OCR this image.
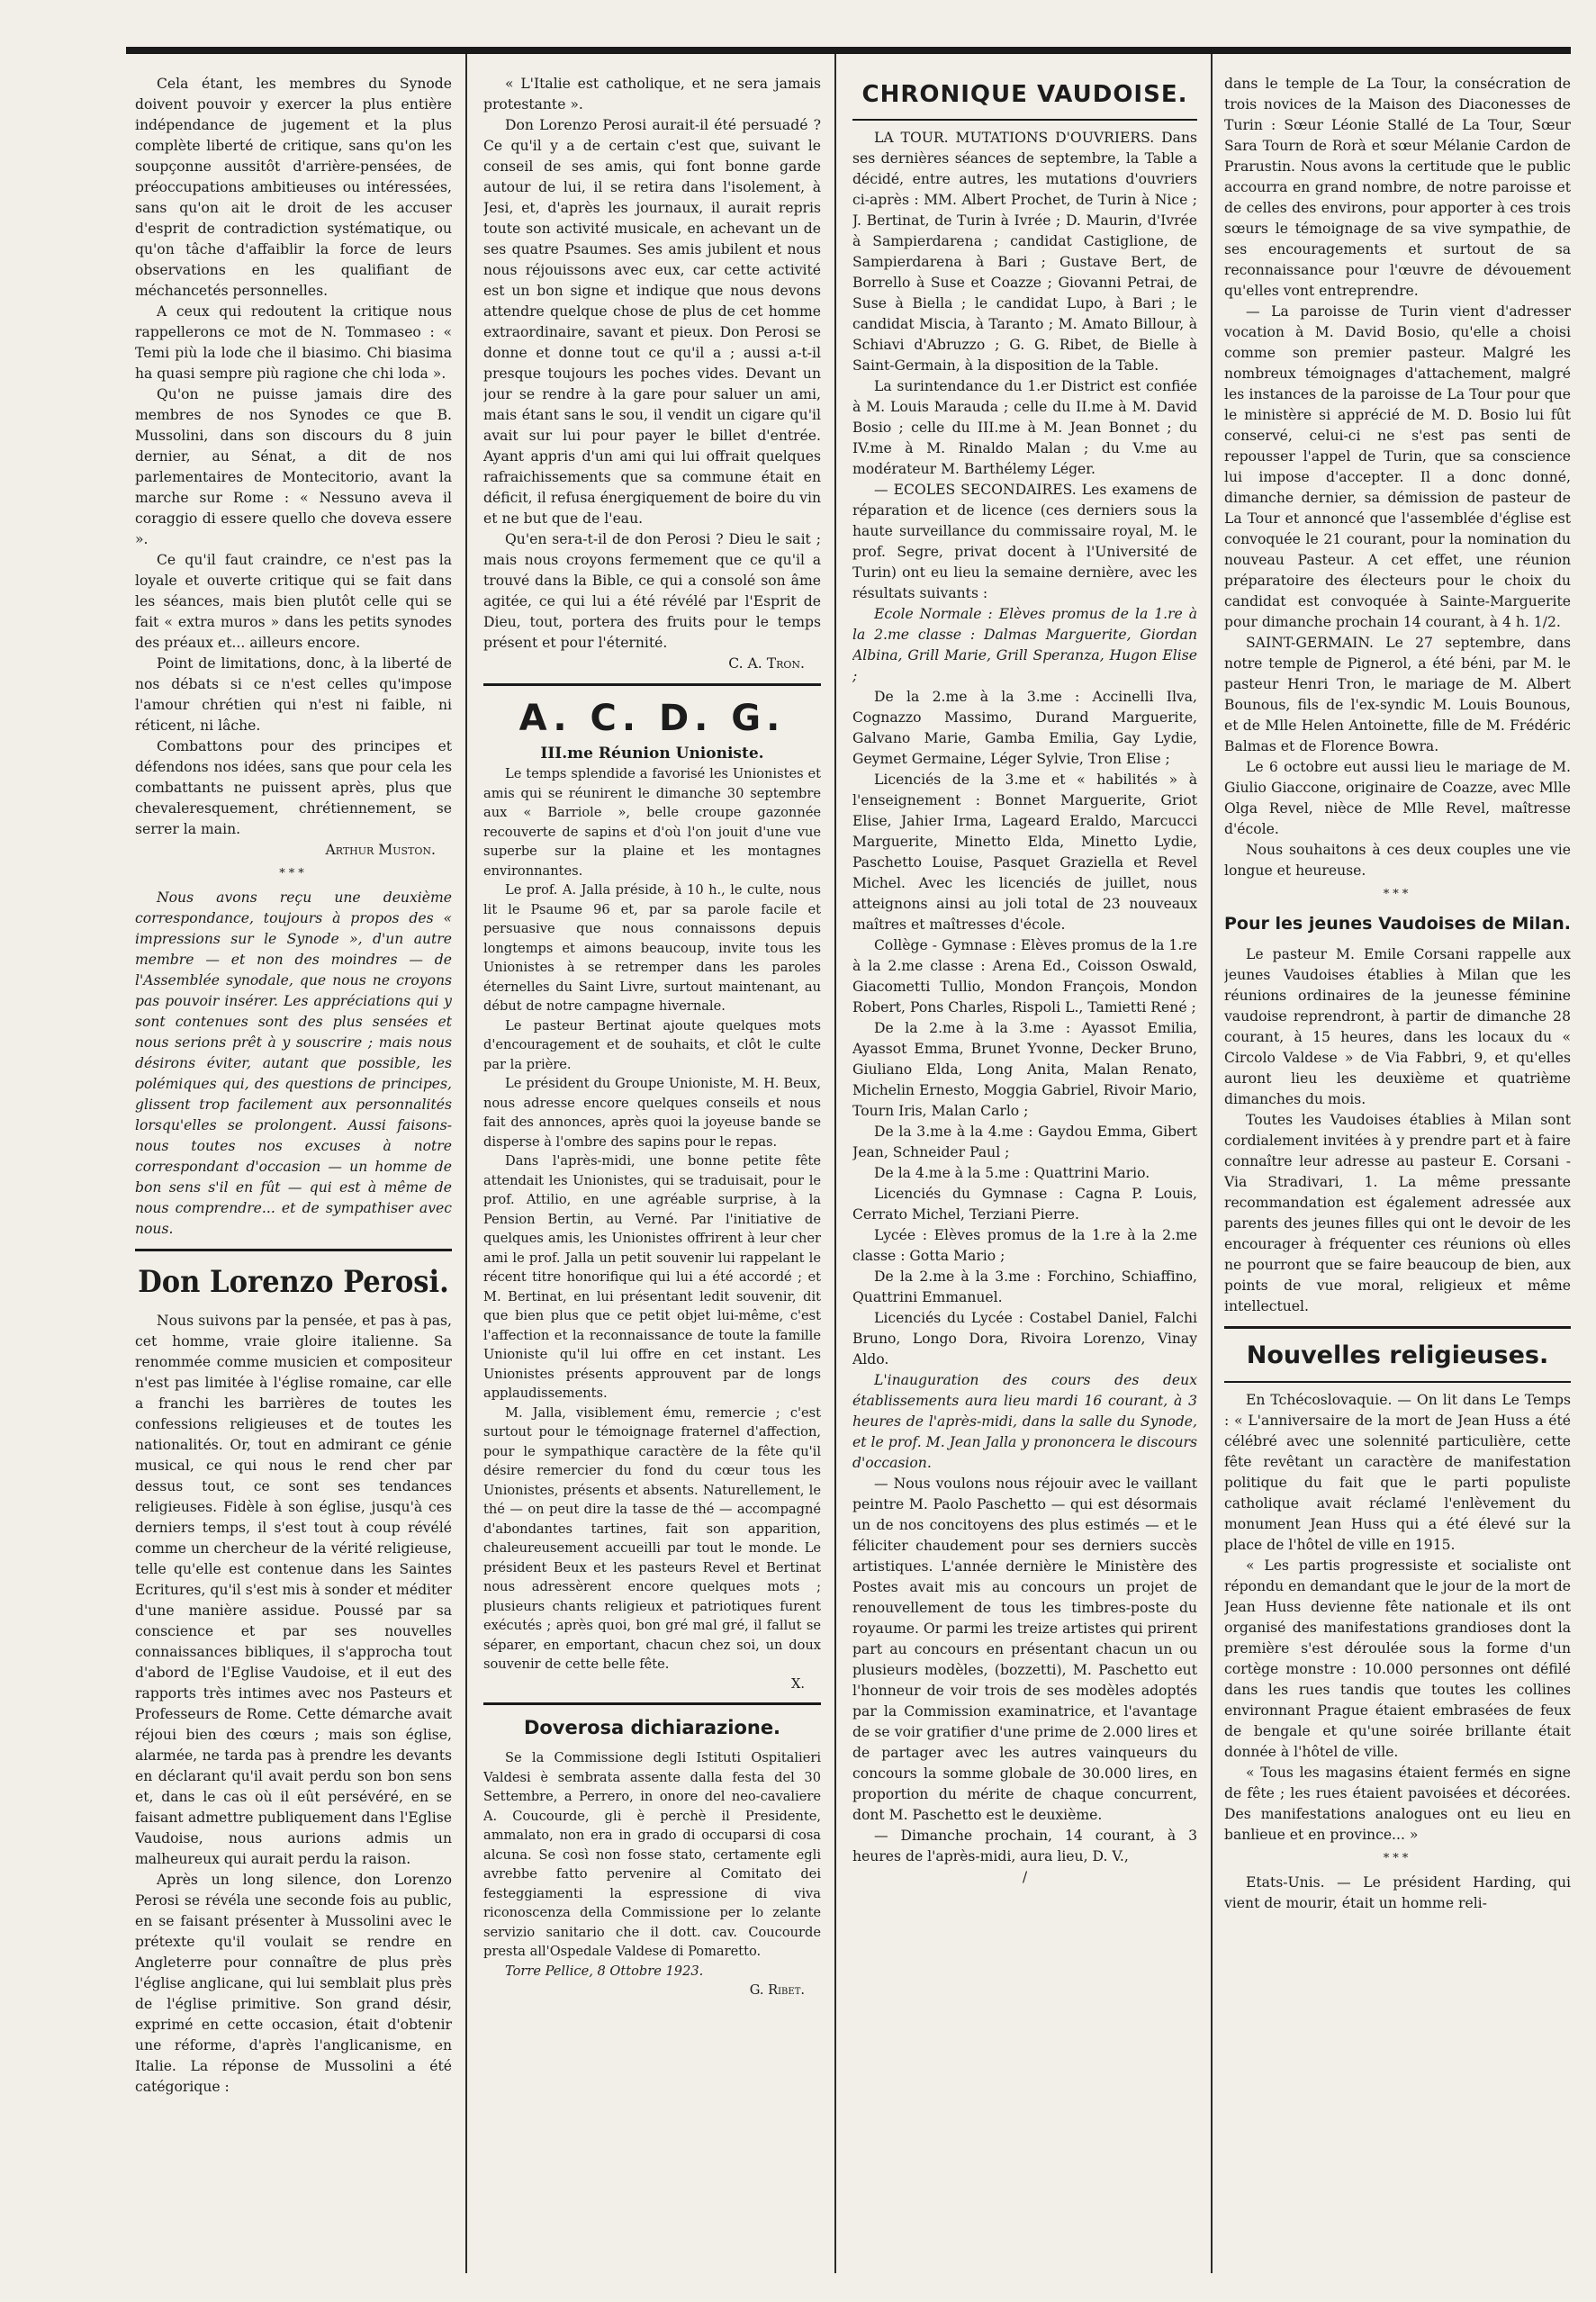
Cela étant, les membres du Synode doivent pouvoir y exercer la plus entière indépendance de jugement et la plus complète liberté de critique, sans qu'on les soupçonne aussitôt d'arrière-pensées, de préoccupations ambitieuses ou intéressées, sans qu'on ait le droit de les accuser d'esprit de contradiction systématique, ou qu'on tâche d'affaiblir la force de leurs observations en les qualifiant de méchancetés personnelles.

A ceux qui redoutent la critique nous rappellerons ce mot de N. Tommaseo : « Temi più la lode che il biasimo. Chi biasima ha quasi sempre più ragione che chi loda ».

Qu'on ne puisse jamais dire des membres de nos Synodes ce que B. Mussolini, dans son discours du 8 juin dernier, au Sénat, a dit de nos parlementaires de Montecitorio, avant la marche sur Rome : « Nessuno aveva il coraggio di essere quello che doveva essere ».

Ce qu'il faut craindre, ce n'est pas la loyale et ouverte critique qui se fait dans les séances, mais bien plutôt celle qui se fait « extra muros » dans les petits synodes des préaux et... ailleurs encore.

Point de limitations, donc, à la liberté de nos débats si ce n'est celles qu'impose l'amour chrétien qui n'est ni faible, ni réticent, ni lâche.

Combattons pour des principes et défendons nos idées, sans que pour cela les combattants ne puissent après, plus que chevaleresquement, chrétiennement, se serrer la main.

Arthur Muston.

***

Nous avons reçu une deuxième correspondance, toujours à propos des « impressions sur le Synode », d'un autre membre — et non des moindres — de l'Assemblée synodale, que nous ne croyons pas pouvoir insérer. Les appréciations qui y sont contenues sont des plus sensées et nous serions prêt à y souscrire ; mais nous désirons éviter, autant que possible, les polémiques qui, des questions de principes, glissent trop facilement aux personnalités lorsqu'elles se prolongent. Aussi faisons-nous toutes nos excuses à notre correspondant d'occasion — un homme de bon sens s'il en fût — qui est à même de nous comprendre... et de sympathiser avec nous.

Don Lorenzo Perosi.

Nous suivons par la pensée, et pas à pas, cet homme, vraie gloire italienne. Sa renommée comme musicien et compositeur n'est pas limitée à l'église romaine, car elle a franchi les barrières de toutes les confessions religieuses et de toutes les nationalités. Or, tout en admirant ce génie musical, ce qui nous le rend cher par dessus tout, ce sont ses tendances religieuses. Fidèle à son église, jusqu'à ces derniers temps, il s'est tout à coup révélé comme un chercheur de la vérité religieuse, telle qu'elle est contenue dans les Saintes Ecritures, qu'il s'est mis à sonder et méditer d'une manière assidue. Poussé par sa conscience et par ses nouvelles connaissances bibliques, il s'approcha tout d'abord de l'Eglise Vaudoise, et il eut des rapports très intimes avec nos Pasteurs et Professeurs de Rome. Cette démarche avait réjoui bien des cœurs ; mais son église, alarmée, ne tarda pas à prendre les devants en déclarant qu'il avait perdu son bon sens et, dans le cas où il eût persévéré, en se faisant admettre publiquement dans l'Eglise Vaudoise, nous aurions admis un malheureux qui aurait perdu la raison.

Après un long silence, don Lorenzo Perosi se révéla une seconde fois au public, en se faisant présenter à Mussolini avec le prétexte qu'il voulait se rendre en Angleterre pour connaître de plus près l'église anglicane, qui lui semblait plus près de l'église primitive. Son grand désir, exprimé en cette occasion, était d'obtenir une réforme, d'après l'anglicanisme, en Italie. La réponse de Mussolini a été catégorique :

« L'Italie est catholique, et ne sera jamais protestante ».

Don Lorenzo Perosi aurait-il été persuadé ? Ce qu'il y a de certain c'est que, suivant le conseil de ses amis, qui font bonne garde autour de lui, il se retira dans l'isolement, à Jesi, et, d'après les journaux, il aurait repris toute son activité musicale, en achevant un de ses quatre Psaumes. Ses amis jubilent et nous nous réjouissons avec eux, car cette activité est un bon signe et indique que nous devons attendre quelque chose de plus de cet homme extraordinaire, savant et pieux. Don Perosi se donne et donne tout ce qu'il a ; aussi a-t-il presque toujours les poches vides. Devant un jour se rendre à la gare pour saluer un ami, mais étant sans le sou, il vendit un cigare qu'il avait sur lui pour payer le billet d'entrée. Ayant appris d'un ami qui lui offrait quelques rafraichissements que sa commune était en déficit, il refusa énergiquement de boire du vin et ne but que de l'eau.

Qu'en sera-t-il de don Perosi ? Dieu le sait ; mais nous croyons fermement que ce qu'il a trouvé dans la Bible, ce qui a consolé son âme agitée, ce qui lui a été révélé par l'Esprit de Dieu, tout, portera des fruits pour le temps présent et pour l'éternité.

C. A. Tron.

A. C. D. G.

III.me Réunion Unioniste.

Le temps splendide a favorisé les Unionistes et amis qui se réunirent le dimanche 30 septembre aux « Barriole », belle croupe gazonnée recouverte de sapins et d'où l'on jouit d'une vue superbe sur la plaine et les montagnes environnantes.

Le prof. A. Jalla préside, à 10 h., le culte, nous lit le Psaume 96 et, par sa parole facile et persuasive que nous connaissons depuis longtemps et aimons beaucoup, invite tous les Unionistes à se retremper dans les paroles éternelles du Saint Livre, surtout maintenant, au début de notre campagne hivernale.

Le pasteur Bertinat ajoute quelques mots d'encouragement et de souhaits, et clôt le culte par la prière.

Le président du Groupe Unioniste, M. H. Beux, nous adresse encore quelques conseils et nous fait des annonces, après quoi la joyeuse bande se disperse à l'ombre des sapins pour le repas.

Dans l'après-midi, une bonne petite fête attendait les Unionistes, qui se traduisait, pour le prof. Attilio, en une agréable surprise, à la Pension Bertin, au Verné. Par l'initiative de quelques amis, les Unionistes offrirent à leur cher ami le prof. Jalla un petit souvenir lui rappelant le récent titre honorifique qui lui a été accordé ; et M. Bertinat, en lui présentant ledit souvenir, dit que bien plus que ce petit objet lui-même, c'est l'affection et la reconnaissance de toute la famille Unioniste qu'il lui offre en cet instant. Les Unionistes présents approuvent par de longs applaudissements.

M. Jalla, visiblement ému, remercie ; c'est surtout pour le témoignage fraternel d'affection, pour le sympathique caractère de la fête qu'il désire remercier du fond du cœur tous les Unionistes, présents et absents. Naturellement, le thé — on peut dire la tasse de thé — accompagné d'abondantes tartines, fait son apparition, chaleureusement accueilli par tout le monde. Le président Beux et les pasteurs Revel et Bertinat nous adressèrent encore quelques mots ; plusieurs chants religieux et patriotiques furent exécutés ; après quoi, bon gré mal gré, il fallut se séparer, en emportant, chacun chez soi, un doux souvenir de cette belle fête.

X.

Doverosa dichiarazione.

Se la Commissione degli Istituti Ospitalieri Valdesi è sembrata assente dalla festa del 30 Settembre, a Perrero, in onore del neo-cavaliere A. Coucourde, gli è perchè il Presidente, ammalato, non era in grado di occuparsi di cosa alcuna. Se così non fosse stato, certamente egli avrebbe fatto pervenire al Comitato dei festeggiamenti la espressione di viva riconoscenza della Commissione per lo zelante servizio sanitario che il dott. cav. Coucourde presta all'Ospedale Valdese di Pomaretto.

Torre Pellice, 8 Ottobre 1923.

G. Ribet.

CHRONIQUE VAUDOISE.

LA TOUR. MUTATIONS D'OUVRIERS. Dans ses dernières séances de septembre, la Table a décidé, entre autres, les mutations d'ouvriers ci-après : MM. Albert Prochet, de Turin à Nice ; J. Bertinat, de Turin à Ivrée ; D. Maurin, d'Ivrée à Sampierdarena ; candidat Castiglione, de Sampierdarena à Bari ; Gustave Bert, de Borrello à Suse et Coazze ; Giovanni Petrai, de Suse à Biella ; le candidat Lupo, à Bari ; le candidat Miscia, à Taranto ; M. Amato Billour, à Schiavi d'Abruzzo ; G. G. Ribet, de Bielle à Saint-Germain, à la disposition de la Table.

La surintendance du 1.er District est confiée à M. Louis Marauda ; celle du II.me à M. David Bosio ; celle du III.me à M. Jean Bonnet ; du IV.me à M. Rinaldo Malan ; du V.me au modérateur M. Barthélemy Léger.

— ECOLES SECONDAIRES. Les examens de réparation et de licence (ces derniers sous la haute surveillance du commissaire royal, M. le prof. Segre, privat docent à l'Université de Turin) ont eu lieu la semaine dernière, avec les résultats suivants :

Ecole Normale : Elèves promus de la 1.re à la 2.me classe : Dalmas Marguerite, Giordan Albina, Grill Marie, Grill Speranza, Hugon Elise ;

De la 2.me à la 3.me : Accinelli Ilva, Cognazzo Massimo, Durand Marguerite, Galvano Marie, Gamba Emilia, Gay Lydie, Geymet Germaine, Léger Sylvie, Tron Elise ;

Licenciés de la 3.me et « habilités » à l'enseignement : Bonnet Marguerite, Griot Elise, Jahier Irma, Lageard Eraldo, Marcucci Marguerite, Minetto Elda, Minetto Lydie, Paschetto Louise, Pasquet Graziella et Revel Michel. Avec les licenciés de juillet, nous atteignons ainsi au joli total de 23 nouveaux maîtres et maîtresses d'école.

Collège - Gymnase : Elèves promus de la 1.re à la 2.me classe : Arena Ed., Coisson Oswald, Giacometti Tullio, Mondon François, Mondon Robert, Pons Charles, Rispoli L., Tamietti René ;

De la 2.me à la 3.me : Ayassot Emilia, Ayassot Emma, Brunet Yvonne, Decker Bruno, Giuliano Elda, Long Anita, Malan Renato, Michelin Ernesto, Moggia Gabriel, Rivoir Mario, Tourn Iris, Malan Carlo ;

De la 3.me à la 4.me : Gaydou Emma, Gibert Jean, Schneider Paul ;

De la 4.me à la 5.me : Quattrini Mario.

Licenciés du Gymnase : Cagna P. Louis, Cerrato Michel, Terziani Pierre.

Lycée : Elèves promus de la 1.re à la 2.me classe : Gotta Mario ;

De la 2.me à la 3.me : Forchino, Schiaffino, Quattrini Emmanuel.

Licenciés du Lycée : Costabel Daniel, Falchi Bruno, Longo Dora, Rivoira Lorenzo, Vinay Aldo.

L'inauguration des cours des deux établissements aura lieu mardi 16 courant, à 3 heures de l'après-midi, dans la salle du Synode, et le prof. M. Jean Jalla y prononcera le discours d'occasion.

— Nous voulons nous réjouir avec le vaillant peintre M. Paolo Paschetto — qui est désormais un de nos concitoyens des plus estimés — et le féliciter chaudement pour ses derniers succès artistiques. L'année dernière le Ministère des Postes avait mis au concours un projet de renouvellement de tous les timbres-poste du royaume. Or parmi les treize artistes qui prirent part au concours en présentant chacun un ou plusieurs modèles, (bozzetti), M. Paschetto eut l'honneur de voir trois de ses modèles adoptés par la Commission examinatrice, et l'avantage de se voir gratifier d'une prime de 2.000 lires et de partager avec les autres vainqueurs du concours la somme globale de 30.000 lires, en proportion du mérite de chaque concurrent, dont M. Paschetto est le deuxième.

— Dimanche prochain, 14 courant, à 3 heures de l'après-midi, aura lieu, D. V.,

/

dans le temple de La Tour, la consécration de trois novices de la Maison des Diaconesses de Turin : Sœur Léonie Stallé de La Tour, Sœur Sara Tourn de Rorà et sœur Mélanie Cardon de Prarustin. Nous avons la certitude que le public accourra en grand nombre, de notre paroisse et de celles des environs, pour apporter à ces trois sœurs le témoignage de sa vive sympathie, de ses encouragements et surtout de sa reconnaissance pour l'œuvre de dévouement qu'elles vont entreprendre.

— La paroisse de Turin vient d'adresser vocation à M. David Bosio, qu'elle a choisi comme son premier pasteur. Malgré les nombreux témoignages d'attachement, malgré les instances de la paroisse de La Tour pour que le ministère si apprécié de M. D. Bosio lui fût conservé, celui-ci ne s'est pas senti de repousser l'appel de Turin, que sa conscience lui impose d'accepter. Il a donc donné, dimanche dernier, sa démission de pasteur de La Tour et annoncé que l'assemblée d'église est convoquée le 21 courant, pour la nomination du nouveau Pasteur. A cet effet, une réunion préparatoire des électeurs pour le choix du candidat est convoquée à Sainte-Marguerite pour dimanche prochain 14 courant, à 4 h. 1/2.

SAINT-GERMAIN. Le 27 septembre, dans notre temple de Pignerol, a été béni, par M. le pasteur Henri Tron, le mariage de M. Albert Bounous, fils de l'ex-syndic M. Louis Bounous, et de Mlle Helen Antoinette, fille de M. Frédéric Balmas et de Florence Bowra.

Le 6 octobre eut aussi lieu le mariage de M. Giulio Giaccone, originaire de Coazze, avec Mlle Olga Revel, nièce de Mlle Revel, maîtresse d'école.

Nous souhaitons à ces deux couples une vie longue et heureuse.

***

Pour les jeunes Vaudoises de Milan.

Le pasteur M. Emile Corsani rappelle aux jeunes Vaudoises établies à Milan que les réunions ordinaires de la jeunesse féminine vaudoise reprendront, à partir de dimanche 28 courant, à 15 heures, dans les locaux du « Circolo Valdese » de Via Fabbri, 9, et qu'elles auront lieu les deuxième et quatrième dimanches du mois.

Toutes les Vaudoises établies à Milan sont cordialement invitées à y prendre part et à faire connaître leur adresse au pasteur E. Corsani - Via Stradivari, 1. La même pressante recommandation est également adressée aux parents des jeunes filles qui ont le devoir de les encourager à fréquenter ces réunions où elles ne pourront que se faire beaucoup de bien, aux points de vue moral, religieux et même intellectuel.

Nouvelles religieuses.

En Tchécoslovaquie. — On lit dans Le Temps : « L'anniversaire de la mort de Jean Huss a été célébré avec une solennité particulière, cette fête revêtant un caractère de manifestation politique du fait que le parti populiste catholique avait réclamé l'enlèvement du monument Jean Huss qui a été élevé sur la place de l'hôtel de ville en 1915.

« Les partis progressiste et socialiste ont répondu en demandant que le jour de la mort de Jean Huss devienne fête nationale et ils ont organisé des manifestations grandioses dont la première s'est déroulée sous la forme d'un cortège monstre : 10.000 personnes ont défilé dans les rues tandis que toutes les collines environnant Prague étaient embrasées de feux de bengale et qu'une soirée brillante était donnée à l'hôtel de ville.

« Tous les magasins étaient fermés en signe de fête ; les rues étaient pavoisées et décorées. Des manifestations analogues ont eu lieu en banlieue et en province... »

***

Etats-Unis. — Le président Harding, qui vient de mourir, était un homme reli-
